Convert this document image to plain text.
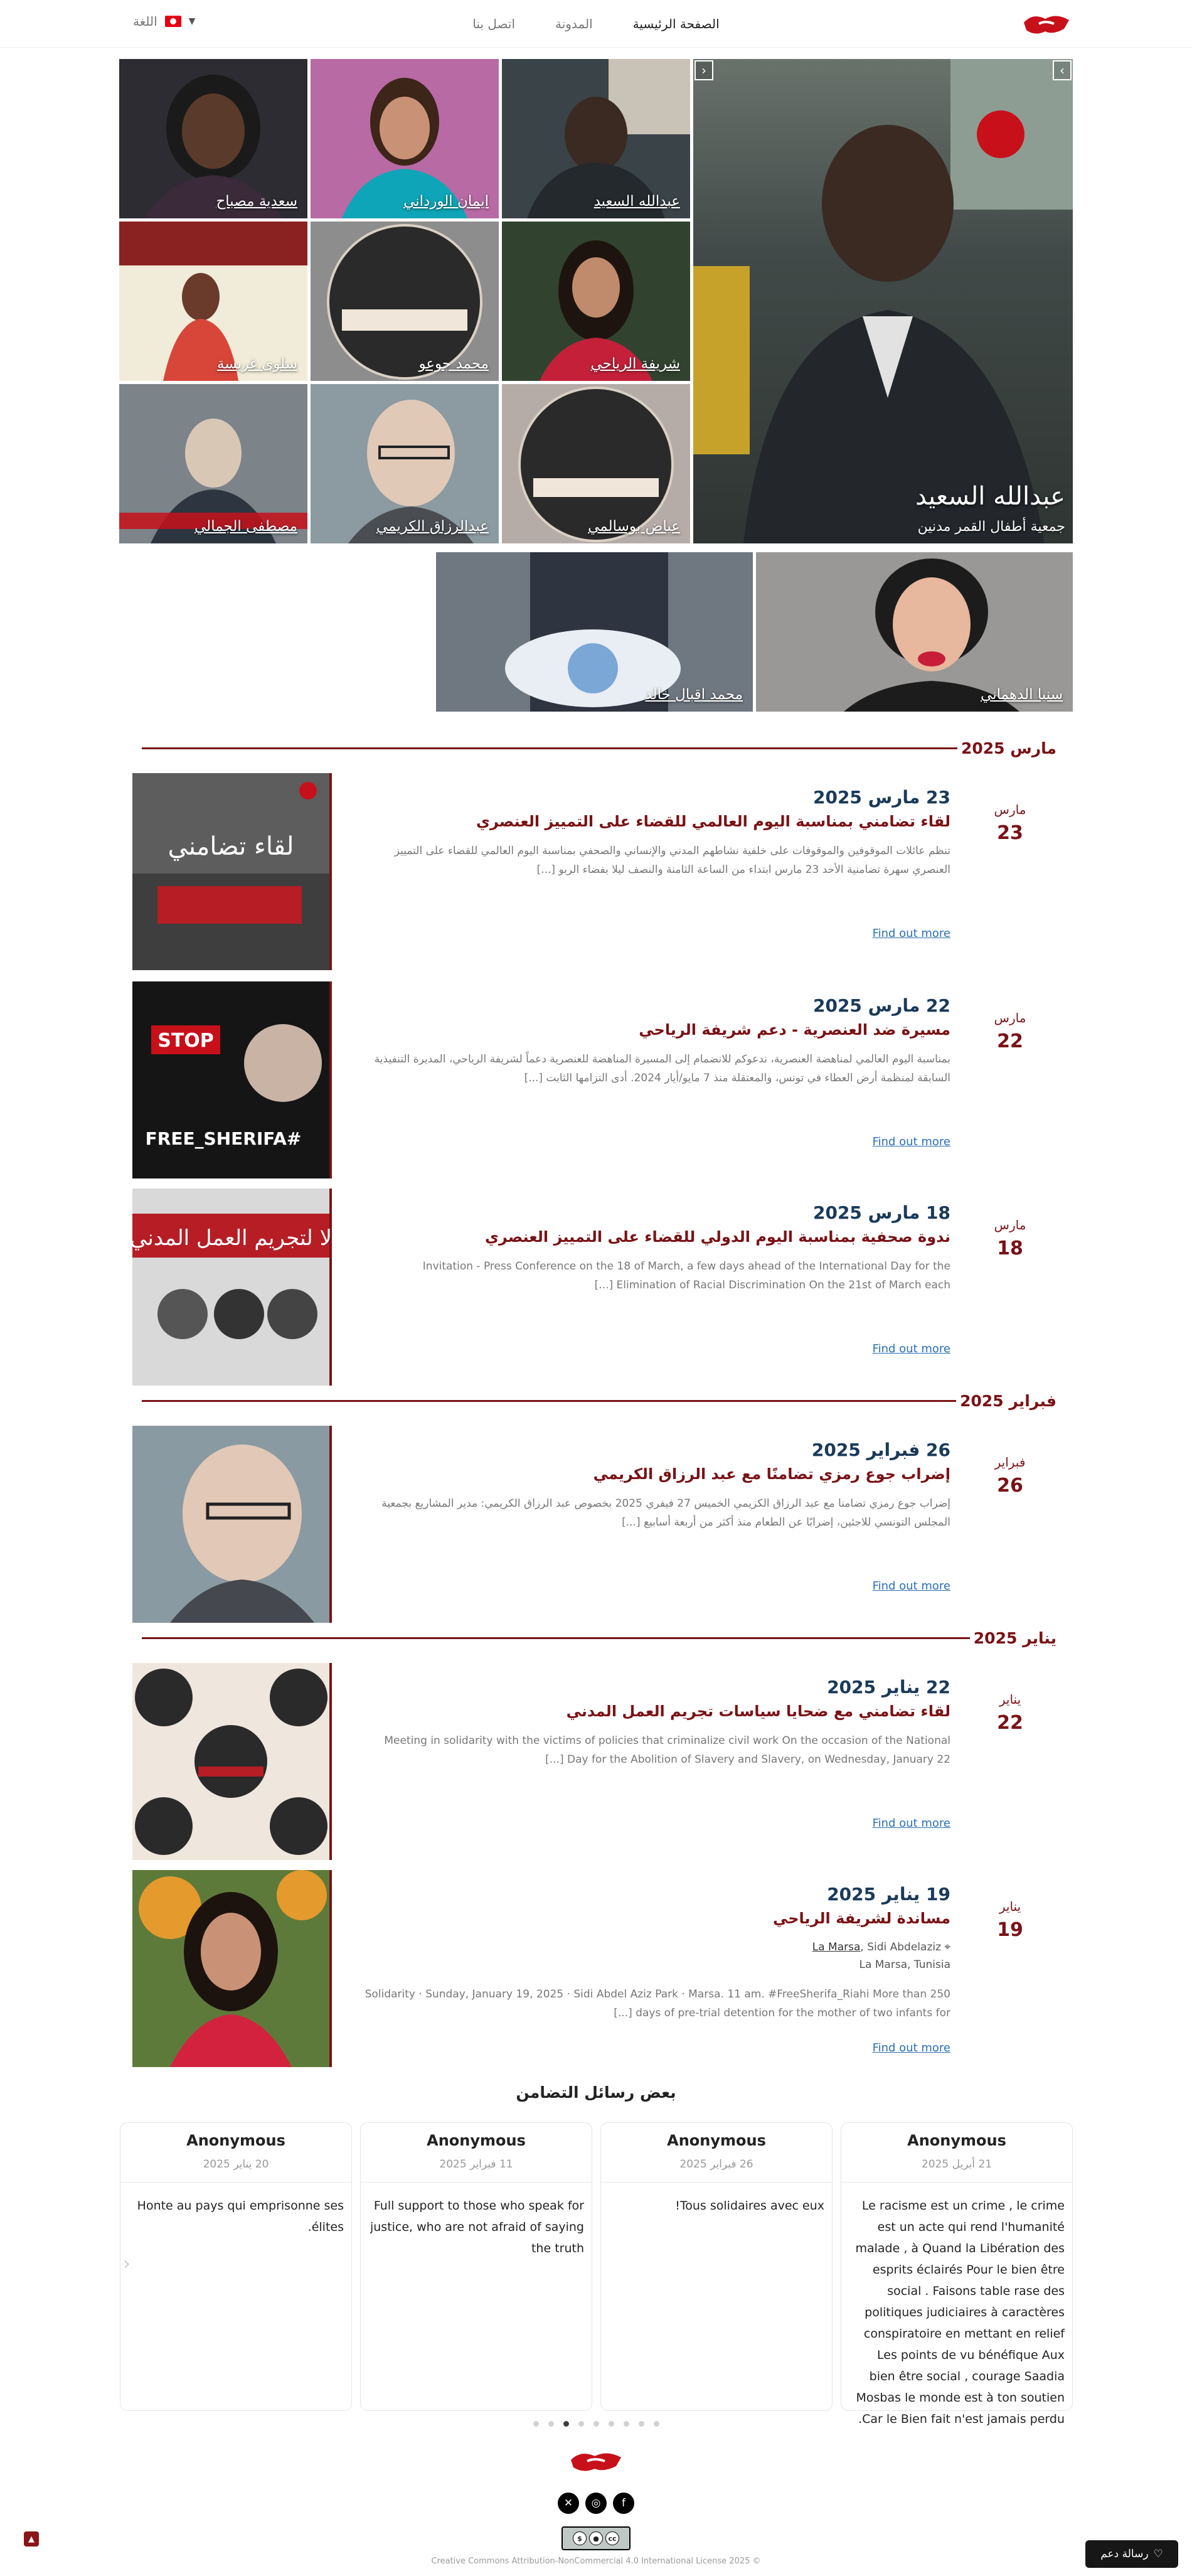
الصفحة الرئيسية
المدونة
اتصل بنا
اللغة	▼
‹	›
عبدالله السعيد
جمعية أطفال القمر مدنين
عبدالله السعيد
ايمان الورداني
سعدية مصباح
شريفة الرياحي
محمد جوعو
سلوى غريسة
عياض بوسالمي
عبدالرزاق الكريمي
مصطفى الجمالي
سنيا الدهماني
محمد اقبال خالد
مارس 2025
لقاء تضامني
مارس
23
23 مارس 2025
لقاء تضامني بمناسبة اليوم العالمي للقضاء على التمييز العنصري

تنظم عائلات الموقوفين والموقوفات على خلفية نشاطهم المدني والإنساني والصحفي بمناسبة اليوم العالمي للقضاء على التمييز العنصري سهرة تضامنية الأحد 23 مارس ابتداء من الساعة الثامنة والنصف ليلا بفضاء الربو [...]

Find out more
STOP
#FREE_SHERIFA
مارس
22
22 مارس 2025
مسيرة ضد العنصرية - دعم شريفة الرياحي

بمناسبة اليوم العالمي لمناهضة العنصرية، ندعوكم للانضمام إلى المسيرة المناهضة للعنصرية دعماً لشريفة الرياحي، المديرة التنفيذية السابقة لمنظمة أرض العطاء في تونس، والمعتقلة منذ 7 مايو/أيار 2024. أدى التزامها الثابت [...]

Find out more
لا لتجريم العمل المدني
مارس
18
18 مارس 2025
ندوة صحفية بمناسبة اليوم الدولي للقضاء على التمييز العنصري

Invitation - Press Conference on the 18 of March, a few days ahead of the International Day for the Elimination of Racial Discrimination On the 21st of March each [...]

Find out more
فبراير 2025
فبراير
26
26 فبراير 2025
إضراب جوع رمزي تضامنًا مع عبد الرزاق الكريمي

إضراب جوع رمزي تضامنا مع عبد الرزاق الكريمي الخميس 27 فيفري 2025 بخصوص عبد الرزاق الكريمي: مدير المشاريع بجمعية المجلس التونسي للاجئين، إضرابًا عن الطعام منذ أكثر من أربعة أسابيع [...]

Find out more
يناير 2025
يناير
22
22 يناير 2025
لقاء تضامني مع ضحايا سياسات تجريم العمل المدني

Meeting in solidarity with the victims of policies that criminalize civil work On the occasion of the National Day for the Abolition of Slavery and Slavery, on Wednesday, January 22 [...]

Find out more
يناير
19
19 يناير 2025
مساندة لشريفة الرياحي
⌖ La Marsa, Sidi Abdelaziz
La Marsa, Tunisia

Solidarity · Sunday, January 19, 2025 · Sidi Abdel Aziz Park · Marsa. 11 am. #FreeSherifa_Riahi More than 250 days of pre-trial detention for the mother of two infants for [...]

Find out more
بعض رسائل التضامن
Anonymous
21 أبريل 2025

Le racisme est un crime , le crime est un acte qui rend l'humanité malade , à Quand la Libération des esprits éclairés Pour le bien être social . Faisons table rase des politiques judiciaires à caractères conspiratoire en mettant en relief Les points de vu bénéfique Aux bien être social , courage Saadia Mosbas le monde est à ton soutien Car le Bien fait n'est jamais perdu.

Anonymous
26 فبراير 2025

Tous solidaires avec eux!

Anonymous
11 فبراير 2025

Full support to those who speak for justice, who are not afraid of saying the truth

Anonymous
20 يناير 2025

Honte au pays qui emprisonne ses élites.

‹
f
◎
✕
cc
●
$
Creative Commons Attribution-NonCommercial 4.0 International License 2025 ©
♡
رسالة دعم
▲
